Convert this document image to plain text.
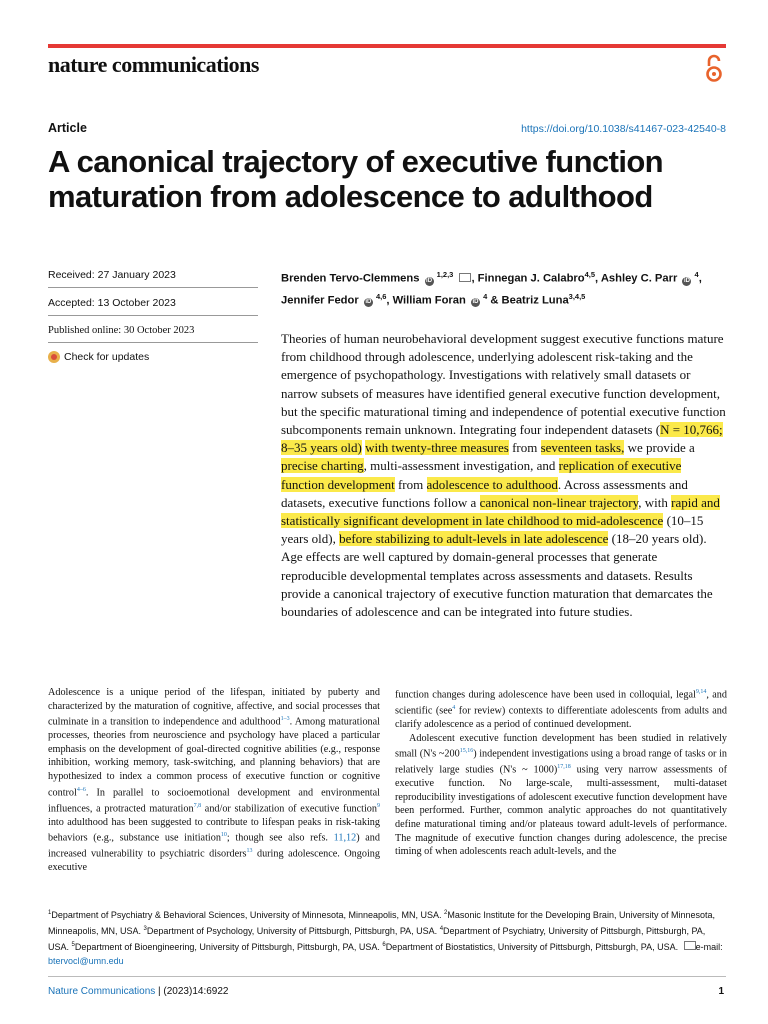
nature communications
Article	https://doi.org/10.1038/s41467-023-42540-8
A canonical trajectory of executive function maturation from adolescence to adulthood
Received: 27 January 2023
Accepted: 13 October 2023
Published online: 30 October 2023
Check for updates
Brenden Tervo-Clemmens iD $^{1,2,3}$ , Finnegan J. Calabro$^{4,5}$, Ashley C. Parr iD $^4$,
Jennifer Fedor iD $^{4,6}$, William Foran iD $^4$ & Beatriz Luna$^{3,4,5}$

Theories of human neurobehavioral development suggest executive functions mature from childhood through adolescence, underlying adolescent risk-taking and the emergence of psychopathology. Investigations with relatively small datasets or narrow subsets of measures have identified general executive function development, but the specific maturational timing and independence of potential executive function subcomponents remain unknown. Integrating four independent datasets (N = 10,766; 8–35 years old) with twenty-three measures from seventeen tasks, we provide a precise charting, multi-assessment investigation, and replication of executive function development from adolescence to adulthood. Across assessments and datasets, executive functions follow a canonical non-linear trajectory, with rapid and statistically significant development in late childhood to mid-adolescence (10–15 years old), before stabilizing to adult-levels in late adolescence (18–20 years old). Age effects are well captured by domain-general processes that generate reproducible developmental templates across assessments and datasets. Results provide a canonical trajectory of executive function maturation that demarcates the boundaries of adolescence and can be integrated into future studies.

Adolescence is a unique period of the lifespan, initiated by puberty and characterized by the maturation of cognitive, affective, and social processes that culminate in a transition to independence and adulthood$^{1-3}$. Among maturational processes, theories from neuroscience and psychology have placed a particular emphasis on the development of goal-directed cognitive abilities (e.g., response inhibition, working memory, task-switching, and planning behaviors) that are hypothesized to index a common process of executive function or cognitive control$^{4-6}$. In parallel to socioemotional development and environmental influences, a protracted maturation$^{7,8}$ and/or stabilization of executive function$^9$ into adulthood has been suggested to contribute to lifespan peaks in risk-taking behaviors (e.g., substance use initiation$^{10}$; though see also refs. 11,12) and increased vulnerability to psychiatric disorders$^{13}$ during adolescence. Ongoing executive

function changes during adolescence have been used in colloquial, legal$^{9,14}$, and scientific (see$^4$ for review) contexts to differentiate adolescents from adults and clarify adolescence as a period of continued development.
Adolescent executive function development has been studied in relatively small (N's ~200$^{15,16}$) independent investigations using a broad range of tasks or in relatively large studies (N's ~ 1000)$^{17,18}$ using very narrow assessments of executive function. No large-scale, multi-assessment, multi-dataset reproducibility investigations of adolescent executive function development have been performed. Further, common analytic approaches do not quantitatively define maturational timing and/or plateaus toward adult-levels of performance. The magnitude of executive function changes during adolescence, the precise timing of when adolescents reach adult-levels, and the

$^1$Department of Psychiatry & Behavioral Sciences, University of Minnesota, Minneapolis, MN, USA. $^2$Masonic Institute for the Developing Brain, University of Minnesota, Minneapolis, MN, USA. $^3$Department of Psychology, University of Pittsburgh, Pittsburgh, PA, USA. $^4$Department of Psychiatry, University of Pittsburgh, Pittsburgh, PA, USA. $^5$Department of Bioengineering, University of Pittsburgh, Pittsburgh, PA, USA. $^6$Department of Biostatistics, University of Pittsburgh, Pittsburgh, PA, USA. e-mail: btervocl@umn.edu
Nature Communications | (2023)14:6922	1
